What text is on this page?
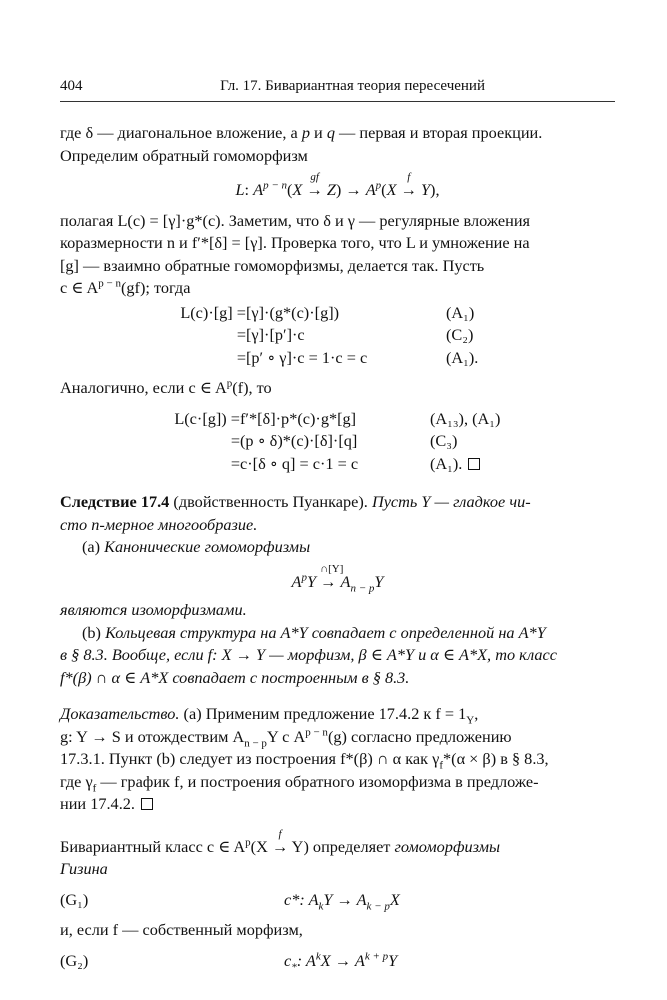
404	Гл. 17. Бивариантная теория пересечений

где δ — диагональное вложение, а p и q — первая и вторая проекции.
Определим обратный гомоморфизм

L: $A^{p - n}(X$
gf
→ $Z) \to A^p(X$
f
→ Y),

полагая L(c) = [γ]·g*(c). Заметим, что δ и γ — регулярные вложения
коразмерности n и f′*[δ] = [γ]. Проверка того, что L и умножение на
[g] — взаимно обратные гомоморфизмы, делается так. Пусть
c ∈ $A^{p - n}(gf)$; тогда

L(c)·[g] = [γ]·(g*(c)·[g])	(A₁)
= [γ]·[p′]·c	(C₂)
= [p′ ∘ γ]·c = 1·c = c	(A₁).

Аналогично, если c ∈ $A^p(f)$, то

L(c·[g]) = f′*[δ]·p*(c)·g*[g]	(A₁₃), (A₁)
= (p ∘ δ)*(c)·[δ]·[q]	(C₃)
= c·[δ ∘ q] = c·1 = c	(A₁).

Следствие 17.4 (двойственность Пуанкаре). Пусть Y — гладкое чи-
сто n-мерное многообразие.
(a) Канонические гомоморфизмы

$A^pY$
∩[Y]
→ $A_{n - p}Y$

являются изоморфизмами.
(b) Кольцевая структура на A*Y совпадает с определенной на A*Y
в § 8.3. Вообще, если f: X → Y — морфизм, β ∈ A*Y и α ∈ A*X, то класс
f*(β) ∩ α ∈ A*X совпадает с построенным в § 8.3.

Доказательство. (a) Применим предложение 17.4.2 к $f = 1_Y$,
g: Y → S и отождествим $A_{n - p}Y$ с $A^{p - n}(g)$ согласно предложению
17.3.1. Пункт (b) следует из построения f*(β) ∩ α как $\gamma_f*(\alpha \times \beta)$ в § 8.3,
где $\gamma_f$ — график f, и построения обратного изоморфизма в предложе-
нии 17.4.2.

Бивариантный класс c ∈ $A^p(X$
f
→ Y) определяет гомоморфизмы
Гизина

(G₁)	c*: $A_kY \to A_{k - p}X$

и, если f — собственный морфизм,

(G₂)	$c_*$: $A^kX \to A^{k + p}Y$
